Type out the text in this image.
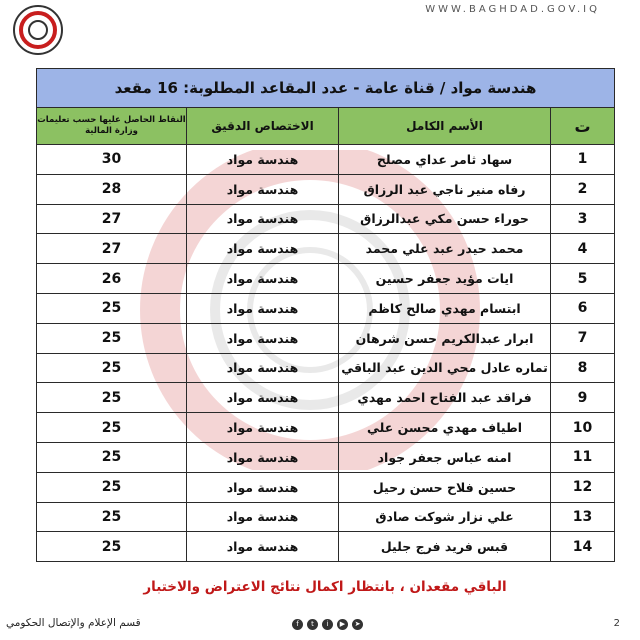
WWW.BAGHDAD.GOV.IQ
هندسة مواد / قناة عامة - عدد المقاعد المطلوبة: 16 مقعد			
ت	الأسم الكامل	الاختصاص الدقيق	النقاط الحاصل عليها حسب تعليمات وزارة المالية
1	سهاد ثامر عداي مصلح	هندسة مواد	30
2	رفاه منير ناجي عبد الرزاق	هندسة مواد	28
3	حوراء حسن مكي عبدالرزاق	هندسة مواد	27
4	محمد حيدر عبد علي محمد	هندسة مواد	27
5	ايات مؤيد جعفر حسين	هندسة مواد	26
6	ابتسام مهدي صالح كاظم	هندسة مواد	25
7	ابرار عبدالكريم حسن شرهان	هندسة مواد	25
8	تماره عادل محي الدين عبد الباقي	هندسة مواد	25
9	فراقد عبد الفتاح احمد مهدي	هندسة مواد	25
10	اطياف مهدي محسن علي	هندسة مواد	25
11	امنه عباس جعفر جواد	هندسة مواد	25
12	حسين فلاح حسن رحيل	هندسة مواد	25
13	علي نزار شوكت صادق	هندسة مواد	25
14	قبس فريد فرج جليل	هندسة مواد	25
الباقي مقعدان ، بانتظار اكمال نتائج الاعتراض والاختبار
قسم الإعلام والإتصال الحكومي	f	t	i	▶	➤	2
